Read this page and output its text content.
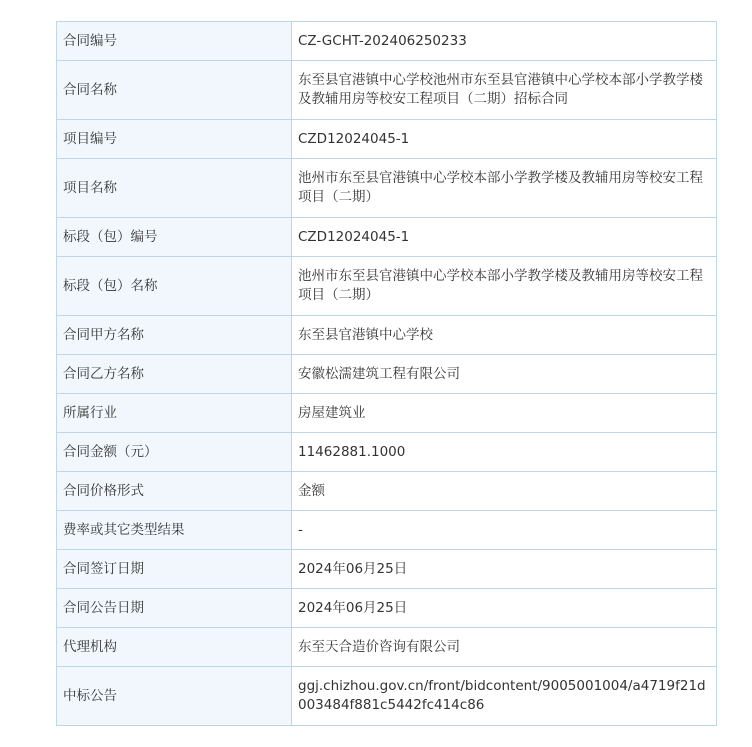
合同编号	CZ-GCHT-202406250233
合同名称	东至县官港镇中心学校池州市东至县官港镇中心学校本部小学教学楼及教辅用房等校安工程项目（二期）招标合同
项目编号	CZD12024045-1
项目名称	池州市东至县官港镇中心学校本部小学教学楼及教辅用房等校安工程项目（二期）
标段（包）编号	CZD12024045-1
标段（包）名称	池州市东至县官港镇中心学校本部小学教学楼及教辅用房等校安工程项目（二期）
合同甲方名称	东至县官港镇中心学校
合同乙方名称	安徽松濡建筑工程有限公司
所属行业	房屋建筑业
合同金额（元）	11462881.1000
合同价格形式	金额
费率或其它类型结果	-
合同签订日期	2024年06月25日
合同公告日期	2024年06月25日
代理机构	东至天合造价咨询有限公司
中标公告	ggj.chizhou.gov.cn/front/bidcontent/9005001004/a4719f21d003484f881c5442fc414c86
